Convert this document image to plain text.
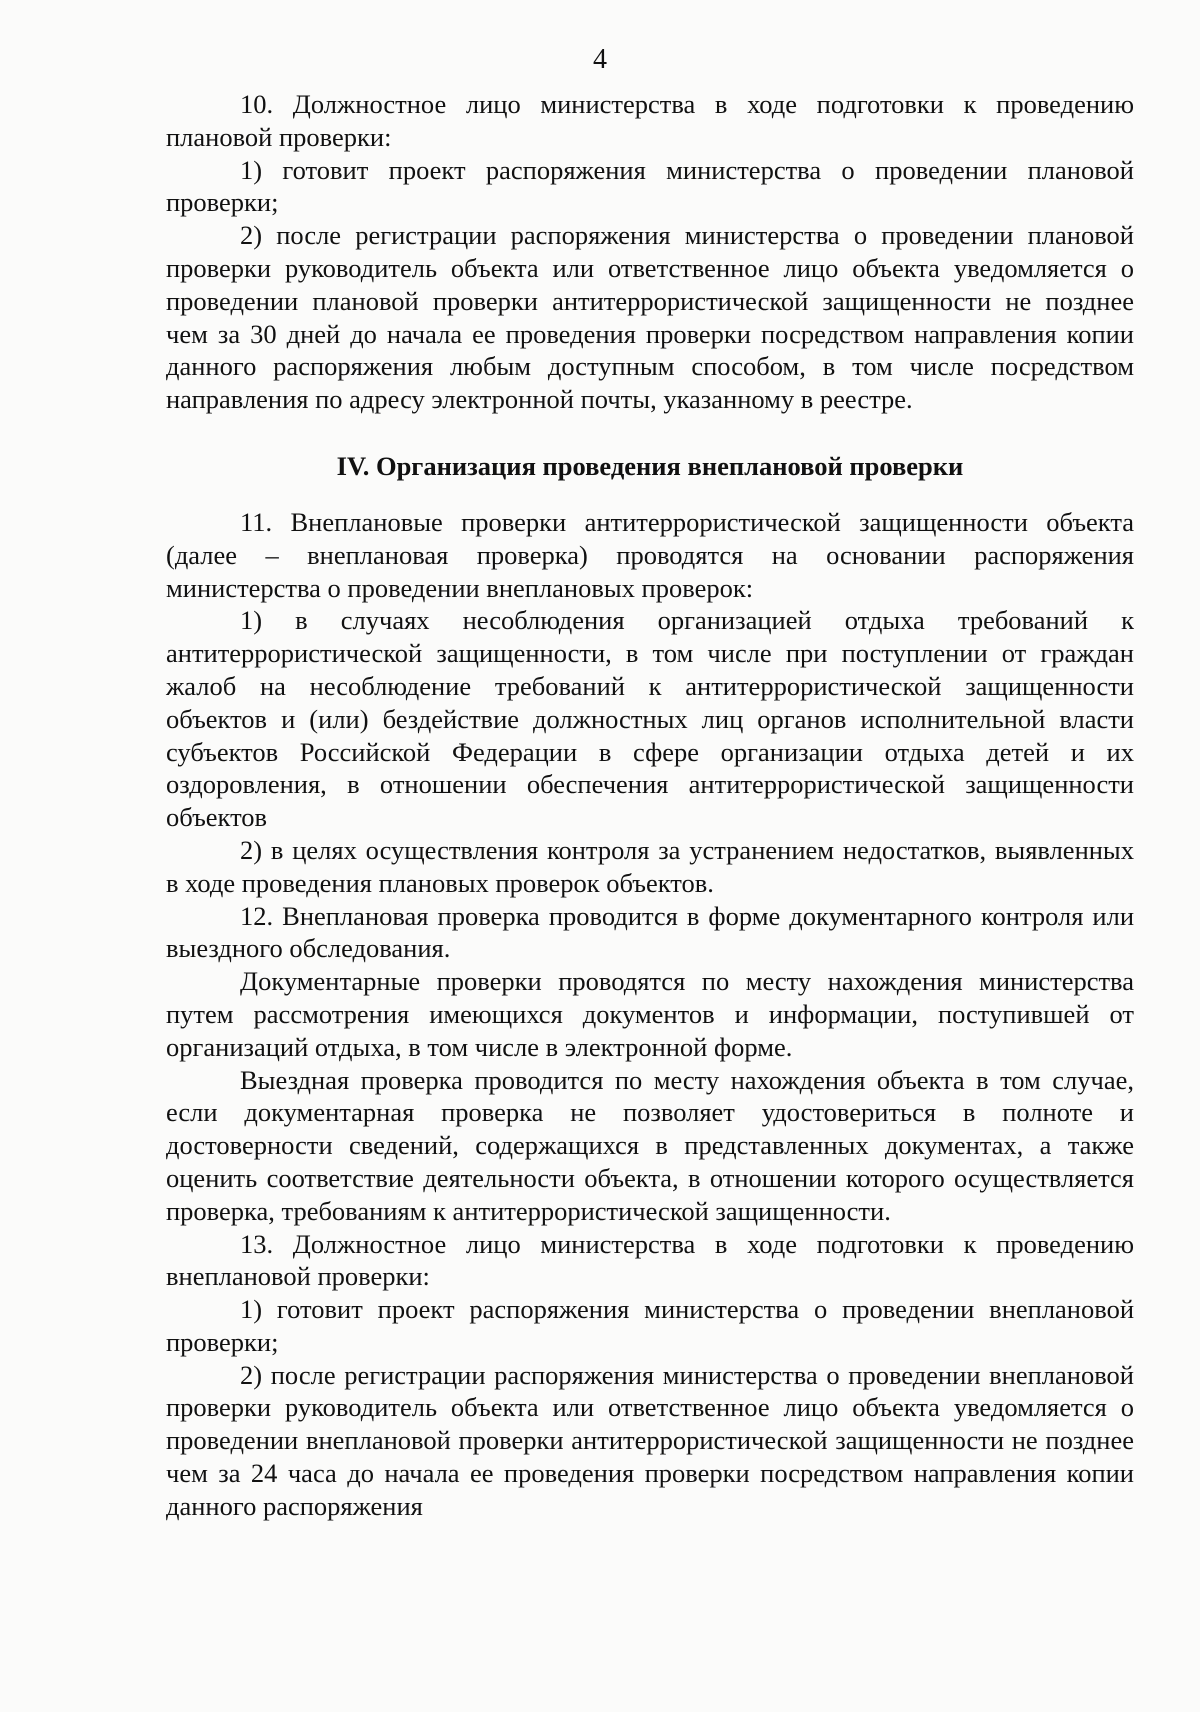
4

10. Должностное лицо министерства в ходе подготовки к проведению плановой проверки:

1) готовит проект распоряжения министерства о проведении плановой проверки;

2) после регистрации распоряжения министерства о проведении плановой проверки руководитель объекта или ответственное лицо объекта уведомляется о проведении плановой проверки антитеррористической защищенности не позднее чем за 30 дней до начала ее проведения проверки посредством направления копии данного распоряжения любым доступным способом, в том числе посредством направления по адресу электронной почты, указанному в реестре.

IV. Организация проведения внеплановой проверки

11. Внеплановые проверки антитеррористической защищенности объекта (далее – внеплановая проверка) проводятся на основании распоряжения министерства о проведении внеплановых проверок:

1) в случаях несоблюдения организацией отдыха требований к антитеррористической защищенности, в том числе при поступлении от граждан жалоб на несоблюдение требований к антитеррористической защищенности объектов и (или) бездействие должностных лиц органов исполнительной власти субъектов Российской Федерации в сфере организации отдыха детей и их оздоровления, в отношении обеспечения антитеррористической защищенности объектов

2) в целях осуществления контроля за устранением недостатков, выявленных в ходе проведения плановых проверок объектов.

12. Внеплановая проверка проводится в форме документарного контроля или выездного обследования.

Документарные проверки проводятся по месту нахождения министерства путем рассмотрения имеющихся документов и информации, поступившей от организаций отдыха, в том числе в электронной форме.

Выездная проверка проводится по месту нахождения объекта в том случае, если документарная проверка не позволяет удостовериться в полноте и достоверности сведений, содержащихся в представленных документах, а также оценить соответствие деятельности объекта, в отношении которого осуществляется проверка, требованиям к антитеррористической защищенности.

13. Должностное лицо министерства в ходе подготовки к проведению внеплановой проверки:

1) готовит проект распоряжения министерства о проведении внеплановой проверки;

2) после регистрации распоряжения министерства о проведении внеплановой проверки руководитель объекта или ответственное лицо объекта уведомляется о проведении внеплановой проверки антитеррористической защищенности не позднее чем за 24 часа до начала ее проведения проверки посредством направления копии данного распоряжения
